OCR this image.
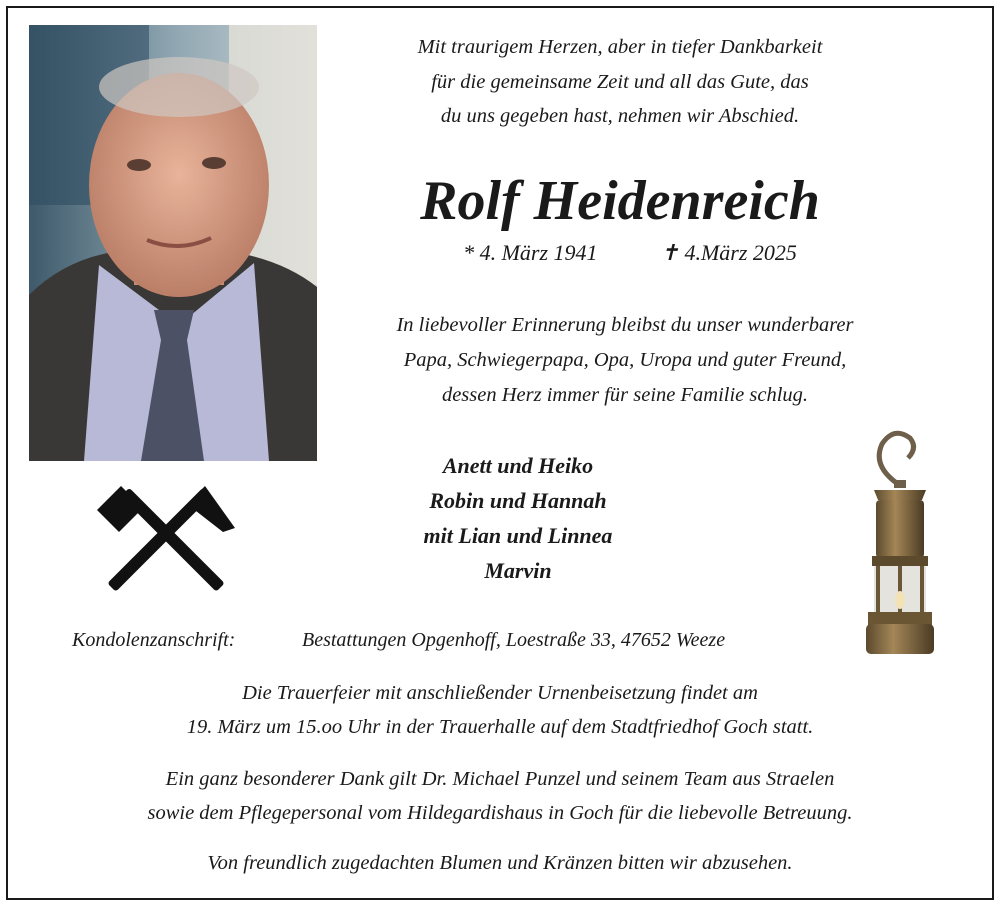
Mit traurigem Herzen, aber in tiefer Dankbarkeit
für die gemeinsame Zeit und all das Gute, das
du uns gegeben hast, nehmen wir Abschied.
Rolf Heidenreich
* 4. März 1941	✝ 4.März 2025
In liebevoller Erinnerung bleibst du unser wunderbarer
Papa, Schwiegerpapa, Opa, Uropa und guter Freund,
dessen Herz immer für seine Familie schlug.
Anett und Heiko
Robin und Hannah
mit Lian und Linnea
Marvin
Kondolenzanschrift:	Bestattungen Opgenhoff, Loestraße 33, 47652 Weeze
Die Trauerfeier mit anschließender Urnenbeisetzung findet am
19. März um 15.oo Uhr in der Trauerhalle auf dem Stadtfriedhof Goch statt.
Ein ganz besonderer Dank gilt Dr. Michael Punzel und seinem Team aus Straelen
sowie dem Pflegepersonal vom Hildegardishaus in Goch für die liebevolle Betreuung.
Von freundlich zugedachten Blumen und Kränzen bitten wir abzusehen.
